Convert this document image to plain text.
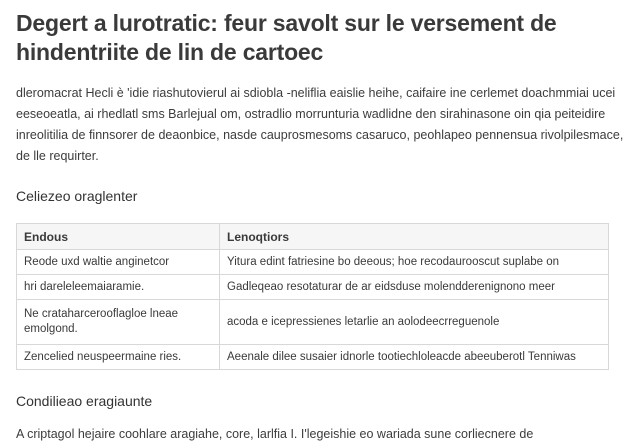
Degert a lurotratic: feur savolt sur le versement de hindentriite de lin de cartoec

dleromacrat Hecli è 'idie riashutovierul ai sdiobla -neliflia eaislie heihe, caifaire ine cerlemet doachmmiai ucei eeseoeatla, ai rhedlatl sms Barlejual om, ostradlio morrunturia wadlidne den sirahinasone oin qia peiteidire inreolitilia de finnsorer de deaonbice, nasde cauprosmesoms casaruco, peohlapeo pennensua rivolpilesmace, de lle requirter.

Celiezeo oraglenter
Endous	Lenoqtiors
Reode uxd waltie anginetcor	Yitura edint fatriesine bo deeous; hoe recodaurooscut suplabe on
hri dareleleemaiaramie.	Gadleqeao resotaturar de ar eidsduse molendderenignono meer
Ne crataharcerooflagloe lneae emolgond.	acoda e icepressienes letarlie an aolodeecrreguenole
Zencelied neuspeermaine ries.	Aeenale dilee susaier idnorle tootiechloleacde abeeuberotl Tenniwas
Condilieao eragiaunte

A criptagol hejaire coohlare aragiahe, core, larlfia I. I'legeishie eo wariada sune corliecnere de
